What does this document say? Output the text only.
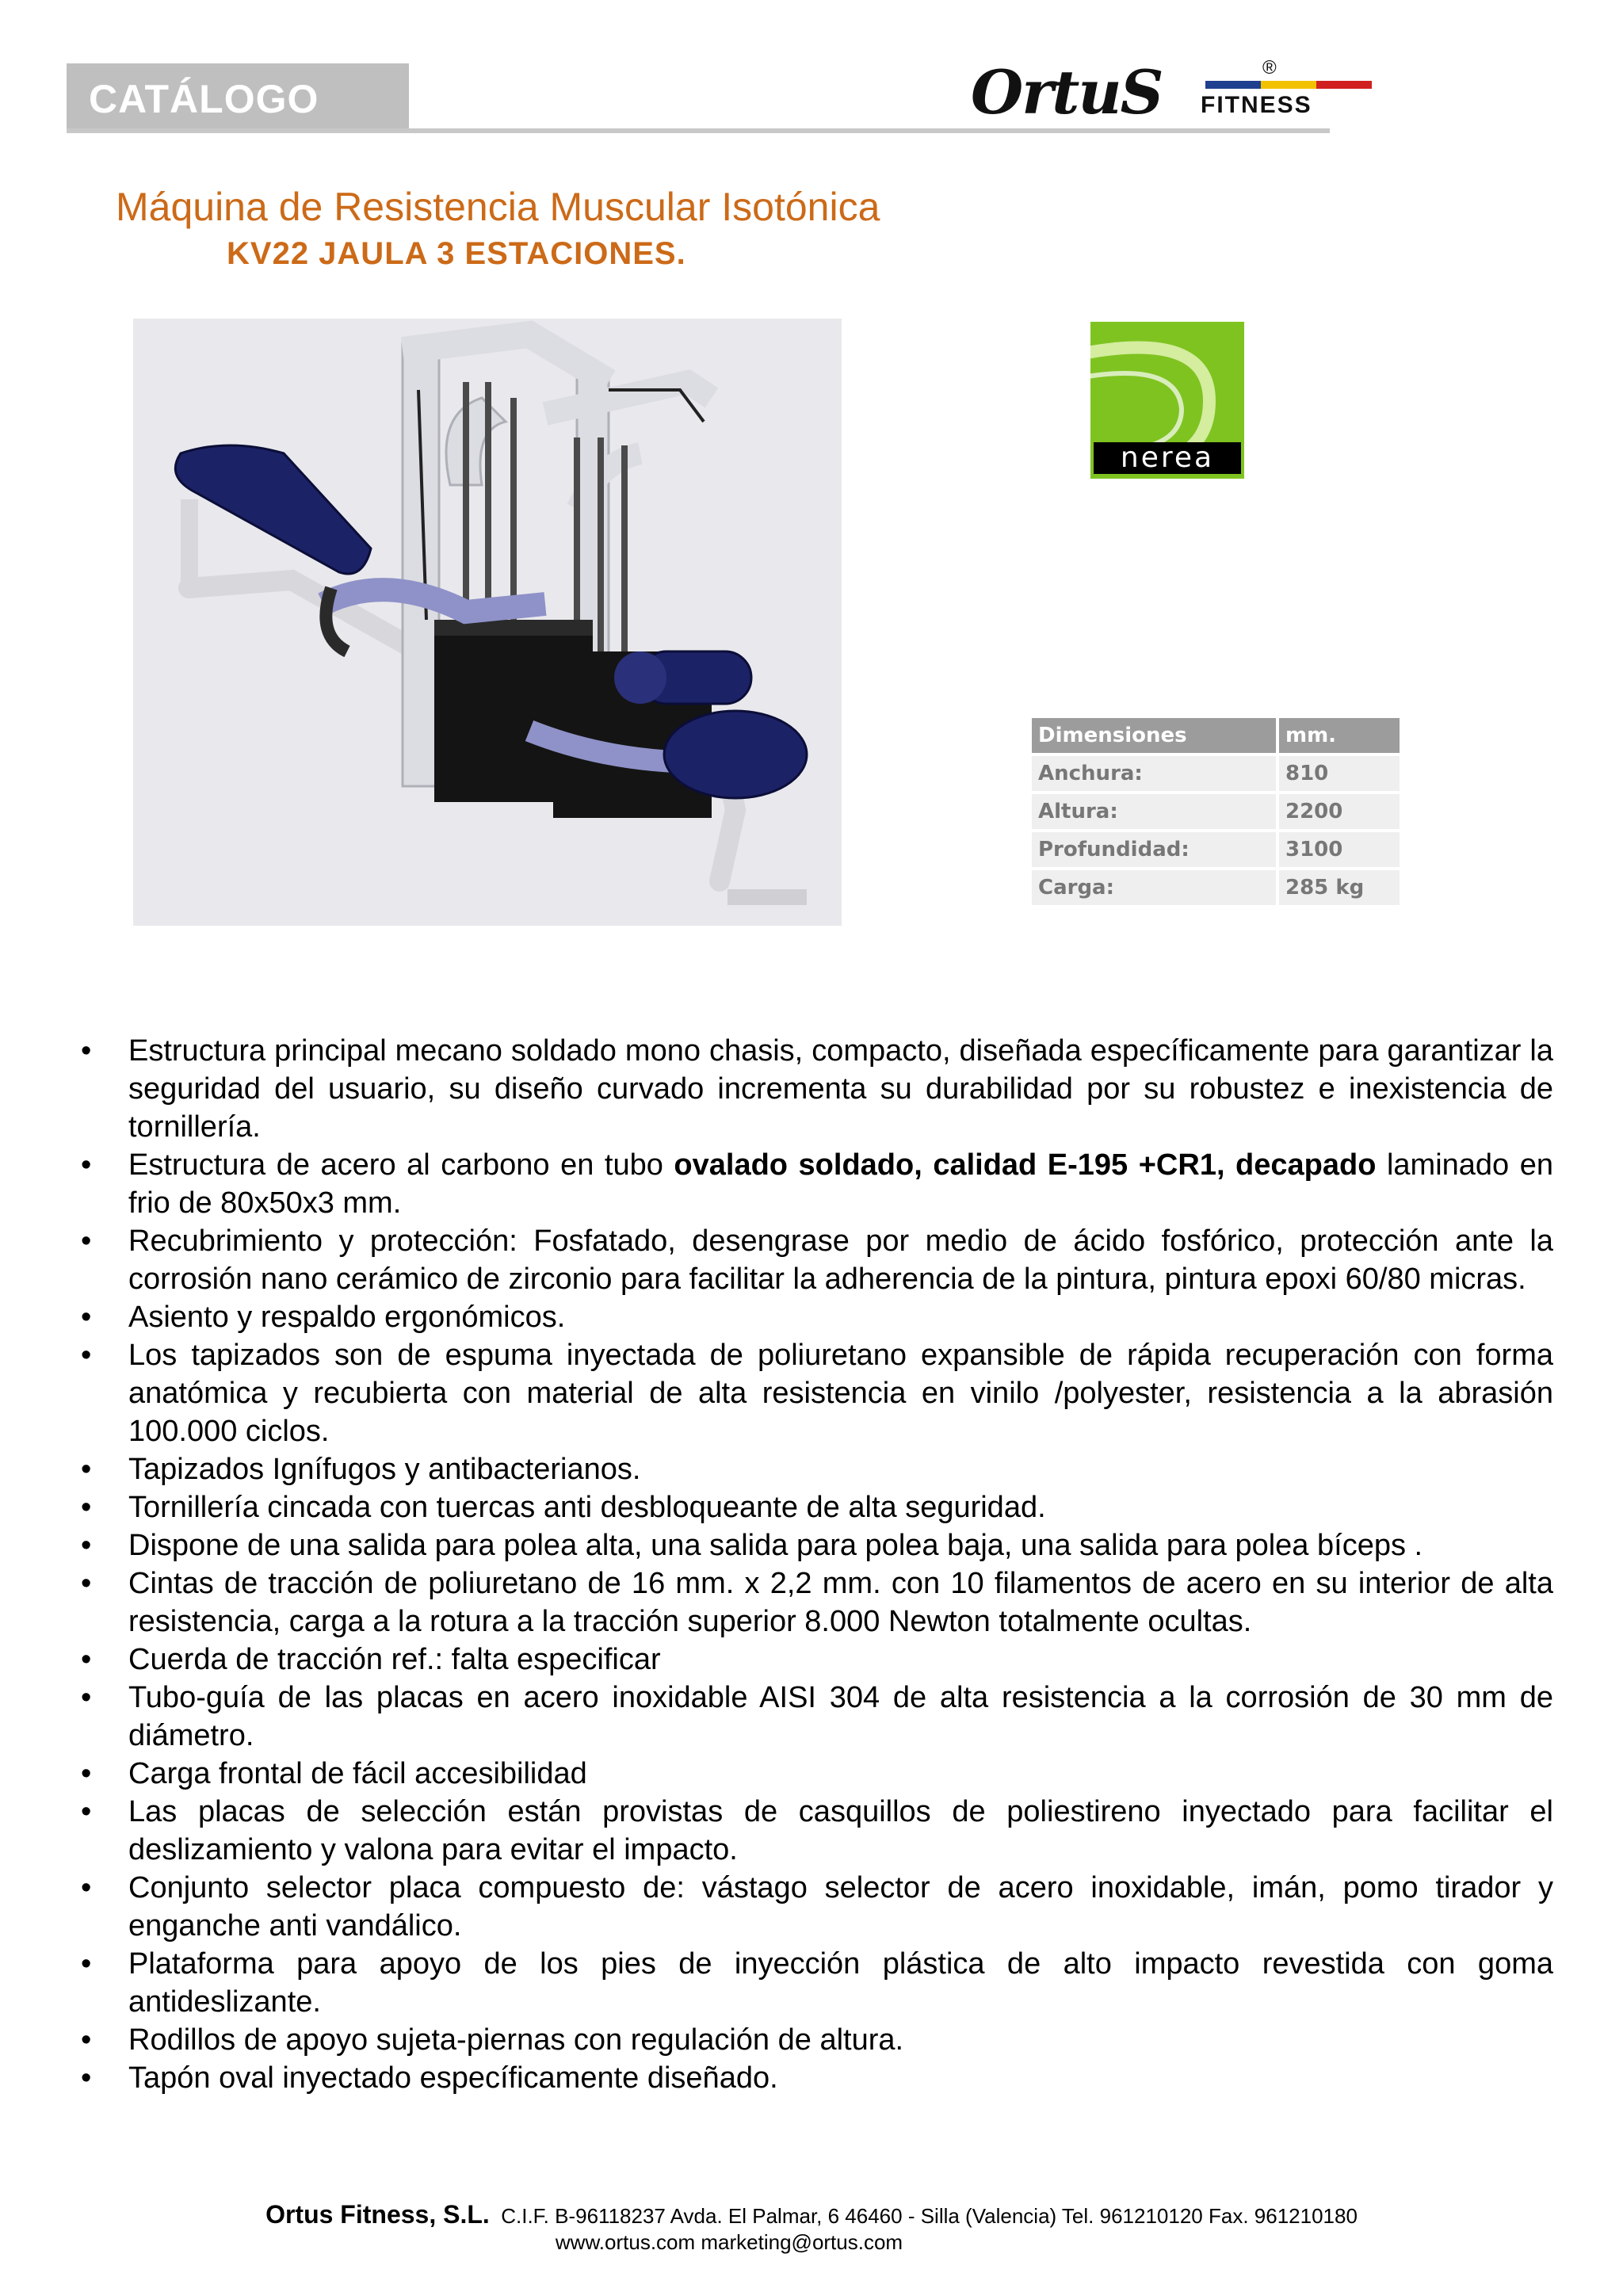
CATÁLOGO	OrtuS FITNESS
®
Máquina de Resistencia Muscular Isotónica
KV22 JAULA 3 ESTACIONES.
nerea
Dimensiones	mm.
Anchura:	810
Altura:	2200
Profundidad:	3100
Carga:	285 kg
• Estructura principal mecano soldado mono chasis, compacto, diseñada específicamente para garantizar la seguridad del usuario, su diseño curvado incrementa su durabilidad por su robustez e inexistencia de tornillería.
• Estructura de acero al carbono en tubo ovalado soldado, calidad E-195 +CR1, decapado laminado en frio de 80x50x3 mm.
• Recubrimiento y protección: Fosfatado, desengrase por medio de ácido fosfórico, protección ante la corrosión nano cerámico de zirconio para facilitar la adherencia de la pintura, pintura epoxi 60/80 micras.
• Asiento y respaldo ergonómicos.
• Los tapizados son de espuma inyectada de poliuretano expansible de rápida recuperación con forma anatómica y recubierta con material de alta resistencia en vinilo /polyester, resistencia a la abrasión 100.000 ciclos.
• Tapizados Ignífugos y antibacterianos.
• Tornillería cincada con tuercas anti desbloqueante de alta seguridad.
• Dispone de una salida para polea alta, una salida para polea baja, una salida para polea bíceps .
• Cintas de tracción de poliuretano de 16 mm. x 2,2 mm. con 10 filamentos de acero en su interior de alta resistencia, carga a la rotura a la tracción superior 8.000 Newton totalmente ocultas.
• Cuerda de tracción ref.: falta especificar
• Tubo-guía de las placas en acero inoxidable AISI 304 de alta resistencia a la corrosión de 30 mm de diámetro.
• Carga frontal de fácil accesibilidad
• Las placas de selección están provistas de casquillos de poliestireno inyectado para facilitar el deslizamiento y valona para evitar el impacto.
• Conjunto selector placa compuesto de: vástago selector de acero inoxidable, imán, pomo tirador y enganche anti vandálico.
• Plataforma para apoyo de los pies de inyección plástica de alto impacto revestida con goma antideslizante.
• Rodillos de apoyo sujeta-piernas con regulación de altura.
• Tapón oval inyectado específicamente diseñado.
Ortus Fitness, S.L. C.I.F. B-96118237 Avda. El Palmar, 6 46460 - Silla (Valencia) Tel. 961210120 Fax. 961210180
www.ortus.com marketing@ortus.com
